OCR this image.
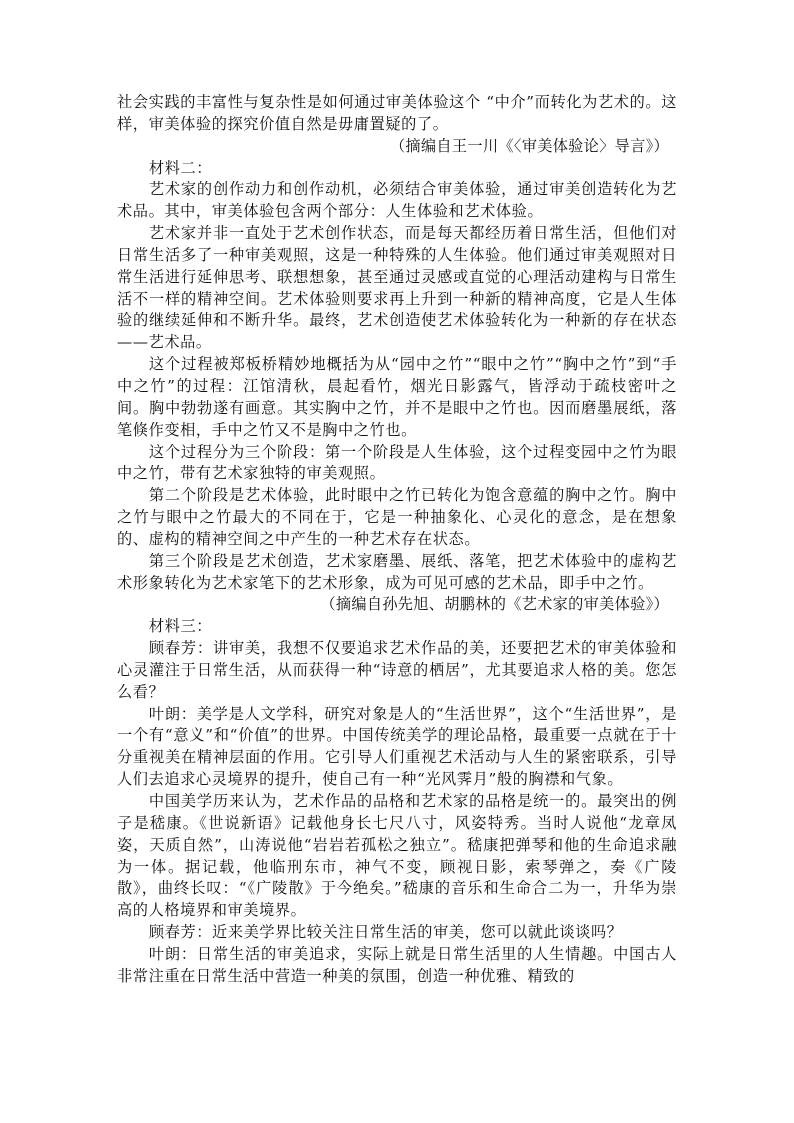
社会实践的丰富性与复杂性是如何通过审美体验这个 “中介”而转化为艺术的。这样，审美体验的探究价值自然是毋庸置疑的了。

（摘编自王一川《〈审美体验论〉导言》）

材料二：

艺术家的创作动力和创作动机，必须结合审美体验，通过审美创造转化为艺术品。其中，审美体验包含两个部分：人生体验和艺术体验。

艺术家并非一直处于艺术创作状态，而是每天都经历着日常生活，但他们对日常生活多了一种审美观照，这是一种特殊的人生体验。他们通过审美观照对日常生活进行延伸思考、联想想象，甚至通过灵感或直觉的心理活动建构与日常生活不一样的精神空间。艺术体验则要求再上升到一种新的精神高度，它是人生体验的继续延伸和不断升华。最终，艺术创造使艺术体验转化为一种新的存在状态——艺术品。

这个过程被郑板桥精妙地概括为从“园中之竹”“眼中之竹”“胸中之竹”到“手中之竹”的过程：江馆清秋，晨起看竹，烟光日影露气，皆浮动于疏枝密叶之间。胸中勃勃遂有画意。其实胸中之竹，并不是眼中之竹也。因而磨墨展纸，落笔倏作变相，手中之竹又不是胸中之竹也。

这个过程分为三个阶段：第一个阶段是人生体验，这个过程变园中之竹为眼中之竹，带有艺术家独特的审美观照。

第二个阶段是艺术体验，此时眼中之竹已转化为饱含意蕴的胸中之竹。胸中之竹与眼中之竹最大的不同在于，它是一种抽象化、心灵化的意念，是在想象的、虚构的精神空间之中产生的一种艺术存在状态。

第三个阶段是艺术创造，艺术家磨墨、展纸、落笔，把艺术体验中的虚构艺术形象转化为艺术家笔下的艺术形象，成为可见可感的艺术品，即手中之竹。

（摘编自孙先旭、胡鹏林的《艺术家的审美体验》）

材料三：

顾春芳：讲审美，我想不仅要追求艺术作品的美，还要把艺术的审美体验和心灵灌注于日常生活，从而获得一种“诗意的栖居”，尤其要追求人格的美。您怎么看？

叶朗：美学是人文学科，研究对象是人的“生活世界”，这个“生活世界”，是一个有“意义”和“价值”的世界。中国传统美学的理论品格，最重要一点就在于十分重视美在精神层面的作用。它引导人们重视艺术活动与人生的紧密联系，引导人们去追求心灵境界的提升，使自己有一种“光风霁月”般的胸襟和气象。

中国美学历来认为，艺术作品的品格和艺术家的品格是统一的。最突出的例子是嵇康。《世说新语》记载他身长七尺八寸，风姿特秀。当时人说他“龙章凤姿，天质自然”，山涛说他“岩岩若孤松之独立”。嵇康把弹琴和他的生命追求融为一体。据记载，他临刑东市，神气不变，顾视日影，索琴弹之，奏《广陵散》，曲终长叹：“《广陵散》于今绝矣。”嵇康的音乐和生命合二为一，升华为崇高的人格境界和审美境界。

顾春芳：近来美学界比较关注日常生活的审美，您可以就此谈谈吗？

叶朗：日常生活的审美追求，实际上就是日常生活里的人生情趣。中国古人非常注重在日常生活中营造一种美的氛围，创造一种优雅、精致的
